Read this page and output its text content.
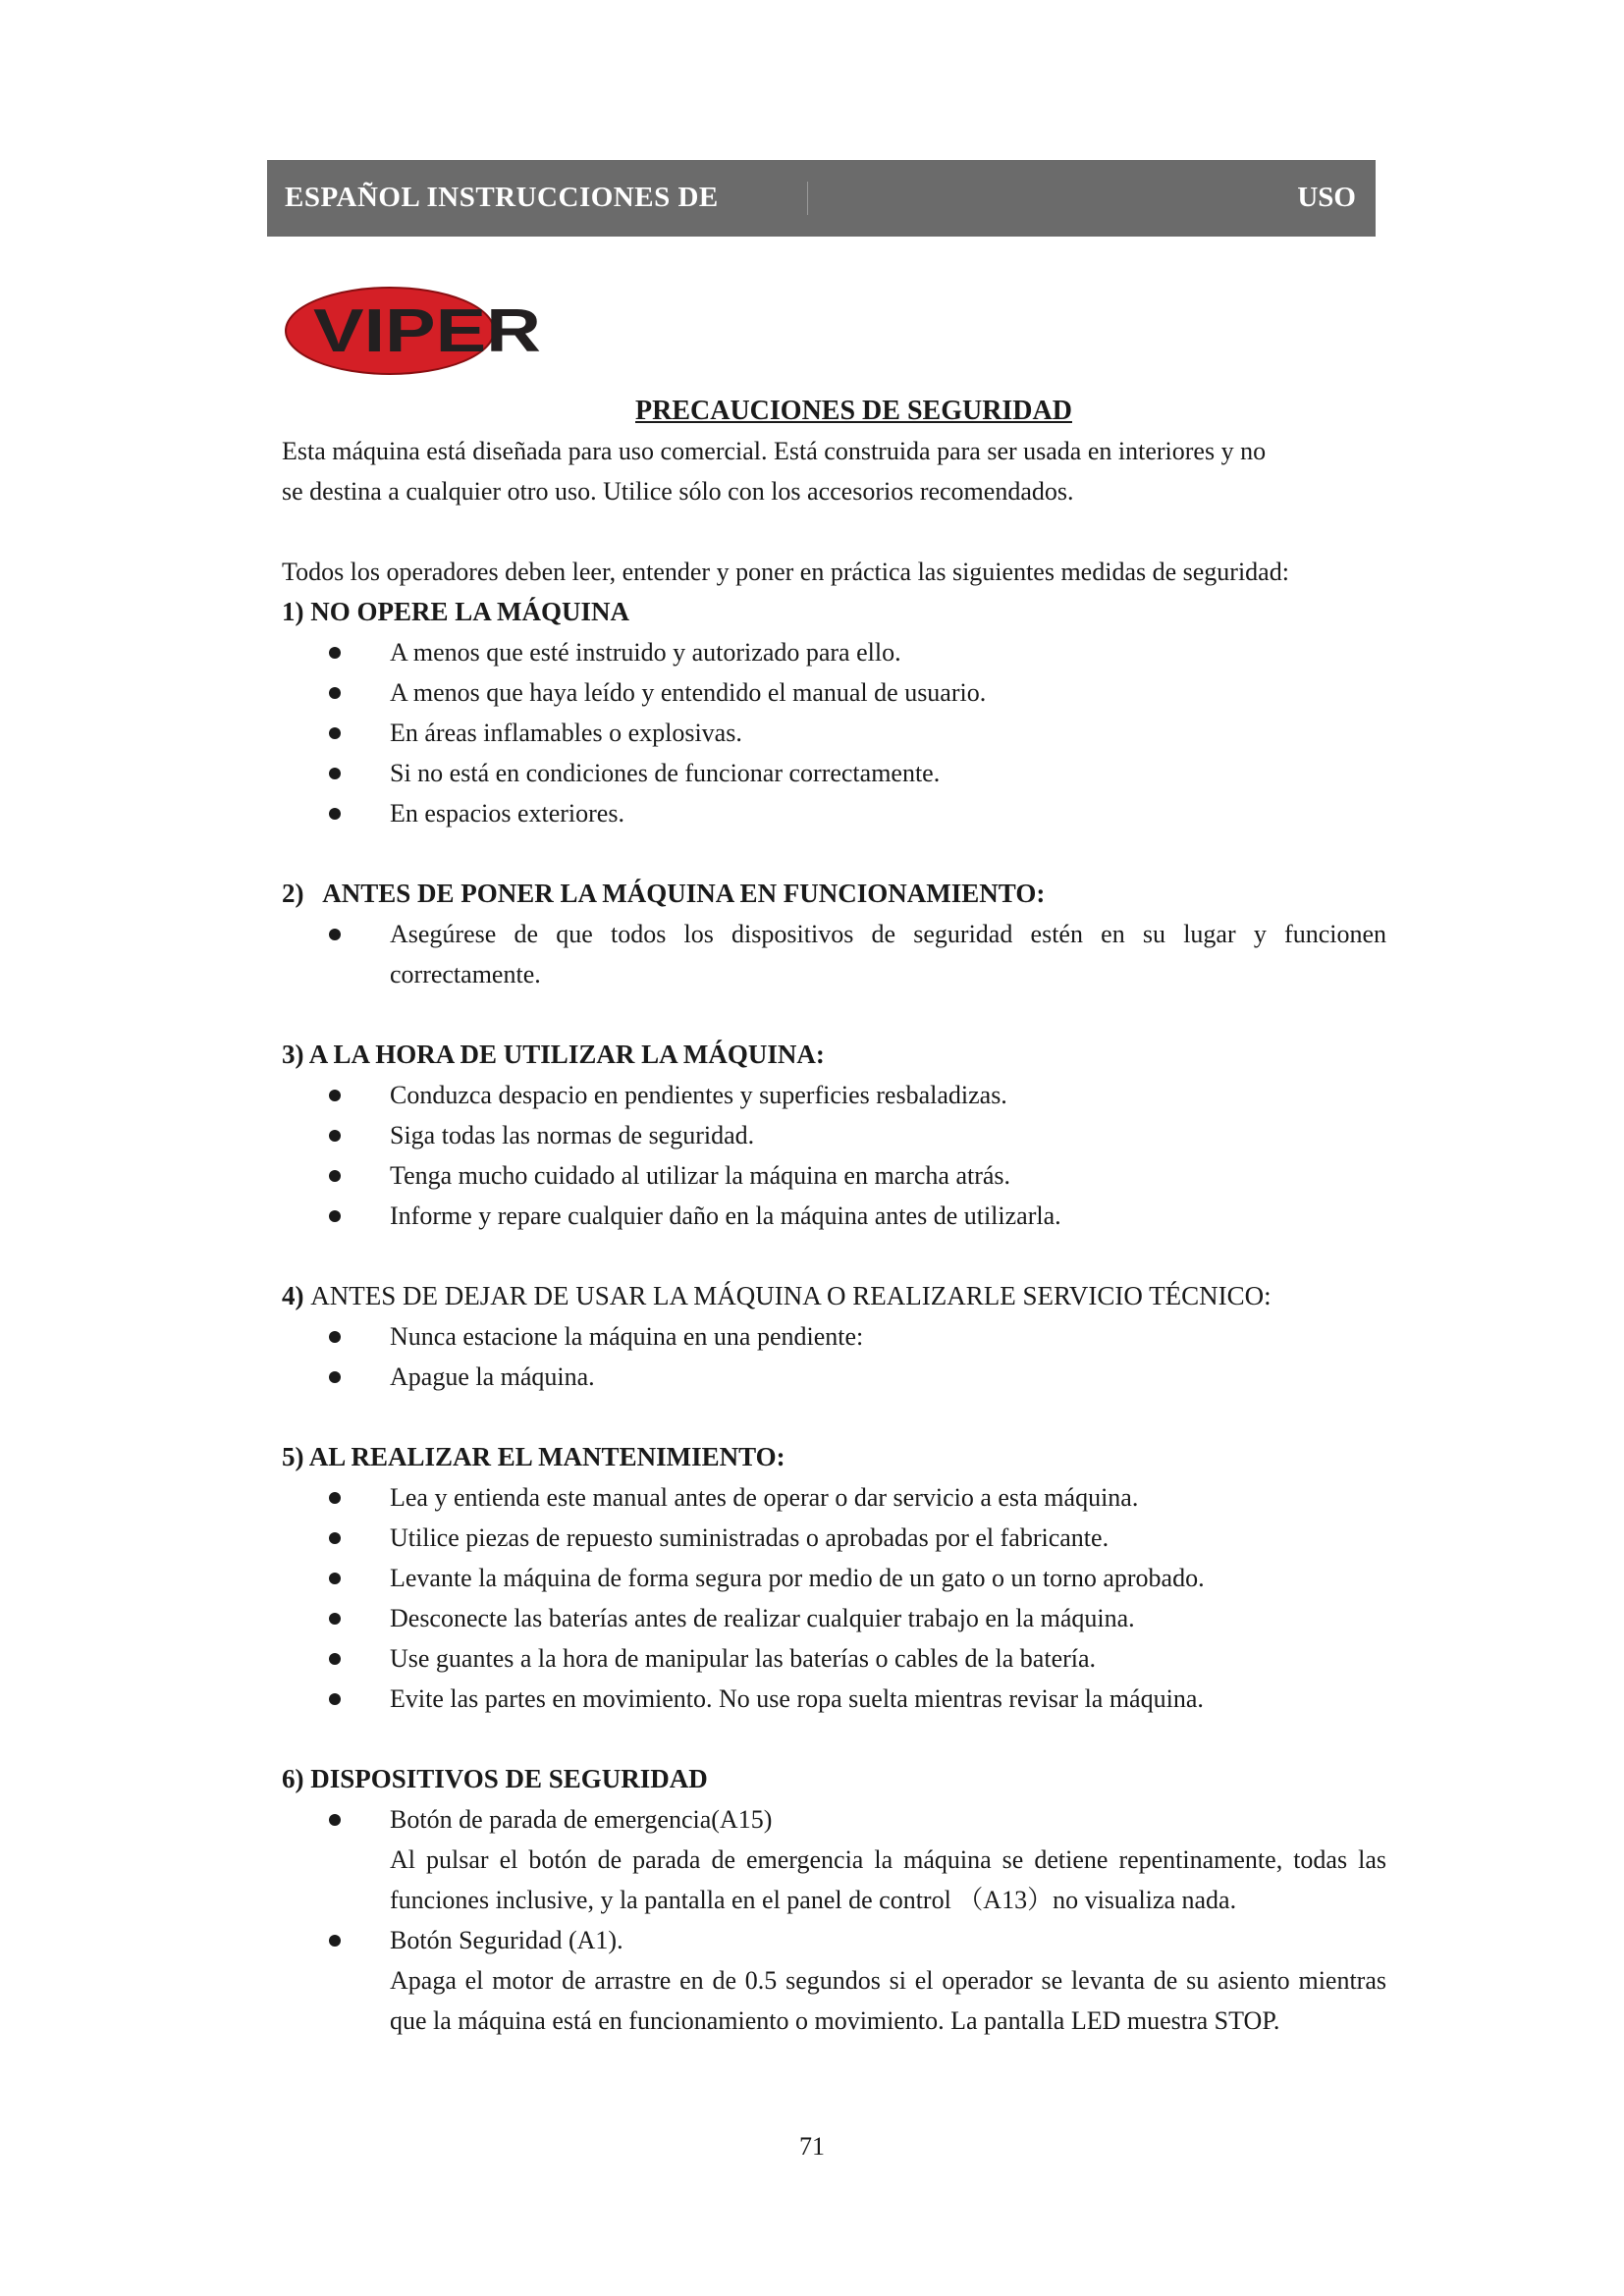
ESPAÑOL INSTRUCCIONES DE	USO
VIPER

PRECAUCIONES DE SEGURIDAD

Esta máquina está diseñada para uso comercial. Está construida para ser usada en interiores y no

se destina a cualquier otro uso. Utilice sólo con los accesorios recomendados.

Todos los operadores deben leer, entender y poner en práctica las siguientes medidas de seguridad:

1) NO OPERE LA MÁQUINA
A menos que esté instruido y autorizado para ello.
A menos que haya leído y entendido el manual de usuario.
En áreas inflamables o explosivas.
Si no está en condiciones de funcionar correctamente.
En espacios exteriores.
2)   ANTES DE PONER LA MÁQUINA EN FUNCIONAMIENTO:
Asegúrese de que todos los dispositivos de seguridad estén en su lugar y funcionen correctamente.
3) A LA HORA DE UTILIZAR LA MÁQUINA:
Conduzca despacio en pendientes y superficies resbaladizas.
Siga todas las normas de seguridad.
Tenga mucho cuidado al utilizar la máquina en marcha atrás.
Informe y repare cualquier daño en la máquina antes de utilizarla.
4) ANTES DE DEJAR DE USAR LA MÁQUINA O REALIZARLE SERVICIO TÉCNICO:
Nunca estacione la máquina en una pendiente:
Apague la máquina.
5) AL REALIZAR EL MANTENIMIENTO:
Lea y entienda este manual antes de operar o dar servicio a esta máquina.
Utilice piezas de repuesto suministradas o aprobadas por el fabricante.
Levante la máquina de forma segura por medio de un gato o un torno aprobado.
Desconecte las baterías antes de realizar cualquier trabajo en la máquina.
Use guantes a la hora de manipular las baterías o cables de la batería.
Evite las partes en movimiento. No use ropa suelta mientras revisar la máquina.
6) DISPOSITIVOS DE SEGURIDAD
Botón de parada de emergencia(A15)
Al pulsar el botón de parada de emergencia la máquina se detiene repentinamente, todas las funciones inclusive, y la pantalla en el panel de control （A13）no visualiza nada.
Botón Seguridad (A1).
Apaga el motor de arrastre en de 0.5 segundos si el operador se levanta de su asiento mientras que la máquina está en funcionamiento o movimiento. La pantalla LED muestra STOP.
71
